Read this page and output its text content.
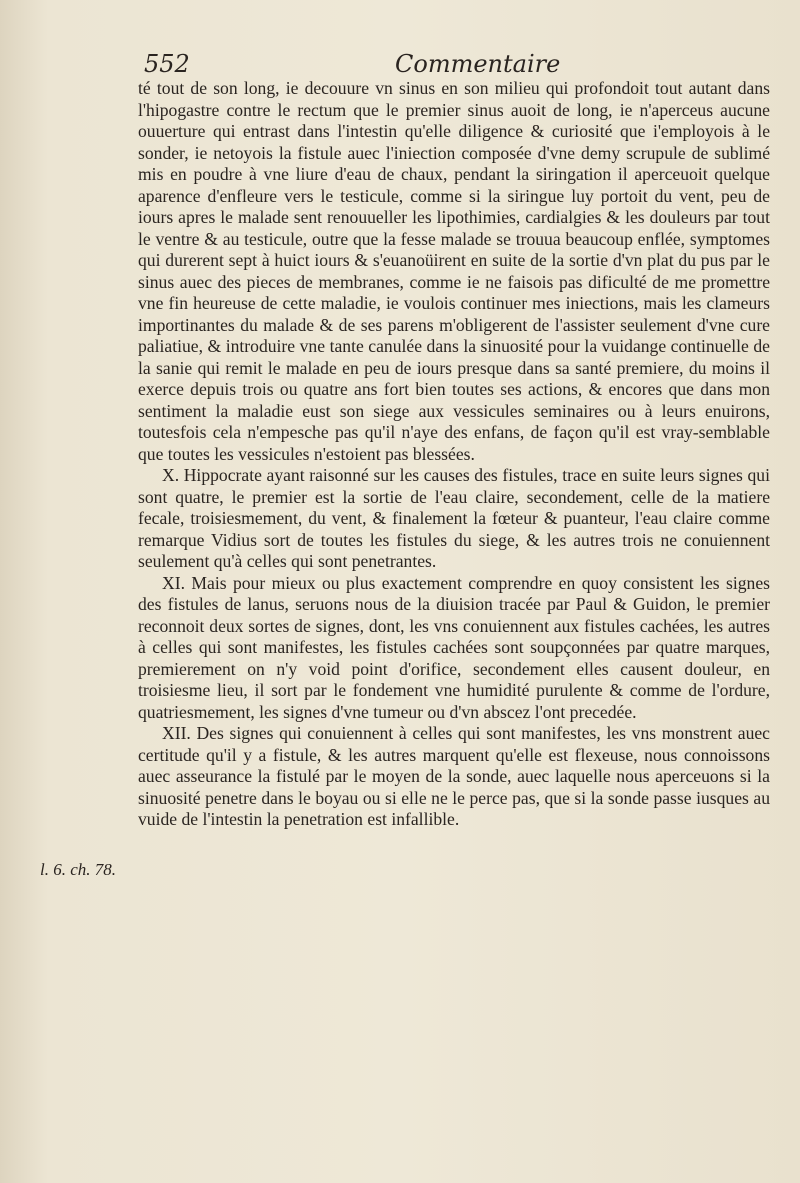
552	Commentaire

té tout de son long, ie decouure vn sinus en son milieu qui profondoit tout autant dans l'hipogastre contre le rectum que le premier sinus auoit de long, ie n'aperceus aucune ouuerture qui entrast dans l'intestin qu'elle diligence & curiosité que i'employois à le sonder, ie netoyois la fistule auec l'iniection composée d'vne demy scrupule de sublimé mis en poudre à vne liure d'eau de chaux, pendant la siringation il aperceuoit quelque aparence d'enfleure vers le testicule, comme si la siringue luy portoit du vent, peu de iours apres le malade sent renouueller les lipothimies, cardialgies & les douleurs par tout le ventre & au testicule, outre que la fesse malade se trouua beaucoup enflée, symptomes qui durerent sept à huict iours & s'euanoüirent en suite de la sortie d'vn plat du pus par le sinus auec des pieces de membranes, comme ie ne faisois pas dificulté de me promettre vne fin heureuse de cette maladie, ie voulois continuer mes iniections, mais les clameurs importinantes du malade & de ses parens m'obligerent de l'assister seulement d'vne cure paliatiue, & introduire vne tante canulée dans la sinuosité pour la vuidange continuelle de la sanie qui remit le malade en peu de iours presque dans sa santé premiere, du moins il exerce depuis trois ou quatre ans fort bien toutes ses actions, & encores que dans mon sentiment la maladie eust son siege aux vessicules seminaires ou à leurs enuirons, toutesfois cela n'empesche pas qu'il n'aye des enfans, de façon qu'il est vray-semblable que toutes les vessicules n'estoient pas blessées.

X. Hippocrate ayant raisonné sur les causes des fistules, trace en suite leurs signes qui sont quatre, le premier est la sortie de l'eau claire, secondement, celle de la matiere fecale, troisiesmement, du vent, & finalement la fœteur & puanteur, l'eau claire comme remarque Vidius sort de toutes les fistules du siege, & les autres trois ne conuiennent seulement qu'à celles qui sont penetrantes.

XI. Mais pour mieux ou plus exactement comprendre en quoy consistent les signes des fistules de lanus, seruons nous de la diuision tracée par Paul & Guidon, le premier reconnoit deux sortes de signes, dont, les vns conuiennent aux fistules cachées, les autres à celles qui sont manifestes, les fistules cachées sont soupçonnées par quatre marques, premierement on n'y void point d'orifice, secondement elles causent douleur, en troisiesme lieu, il sort par le fondement vne humidité purulente & comme de l'ordure, quatriesmement, les signes d'vne tumeur ou d'vn abscez l'ont precedée.

XII. Des signes qui conuiennent à celles qui sont manifestes, les vns monstrent auec certitude qu'il y a fistule, & les autres marquent qu'elle est flexeuse, nous connoissons auec asseurance la fistulé par le moyen de la sonde, auec laquelle nous aperceuons si la sinuosité penetre dans le boyau ou si elle ne le perce pas, que si la sonde passe iusques au vuide de l'intestin la penetration est infallible.

l. 6. ch. 78.
